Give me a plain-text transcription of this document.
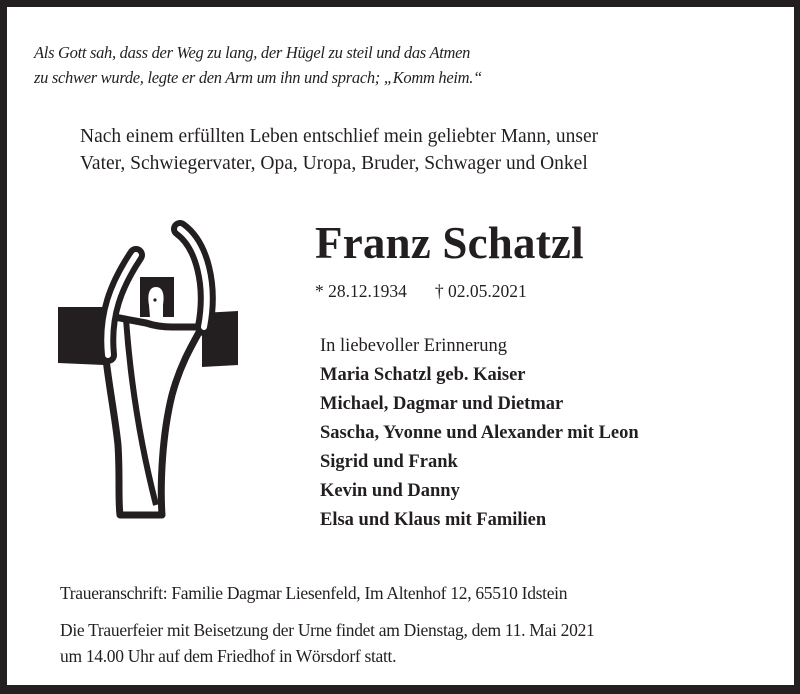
Als Gott sah, dass der Weg zu lang, der Hügel zu steil und das Atmen
zu schwer wurde, legte er den Arm um ihn und sprach; „Komm heim.“
Nach einem erfüllten Leben entschlief mein geliebter Mann, unser
Vater, Schwiegervater, Opa, Uropa, Bruder, Schwager und Onkel
Franz Schatzl
* 28.12.1934 † 02.05.2021
In liebevoller Erinnerung
Maria Schatzl geb. Kaiser
Michael, Dagmar und Dietmar
Sascha, Yvonne und Alexander mit Leon
Sigrid und Frank
Kevin und Danny
Elsa und Klaus mit Familien
Traueranschrift: Familie Dagmar Liesenfeld, Im Altenhof 12, 65510 Idstein
Die Trauerfeier mit Beisetzung der Urne findet am Dienstag, dem 11. Mai 2021
um 14.00 Uhr auf dem Friedhof in Wörsdorf statt.
